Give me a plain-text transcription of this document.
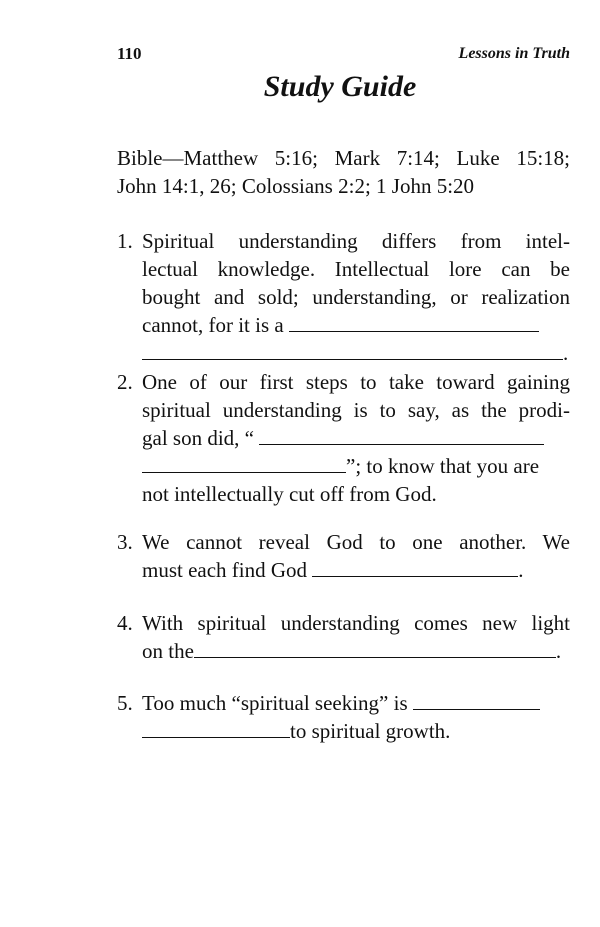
110	Lessons in Truth
Study Guide
Bible—Matthew 5:16; Mark 7:14; Luke 15:18;
John 14:1, 26; Colossians 2:2; 1 John 5:20
1. Spiritual understanding differs from intel-
lectual knowledge. Intellectual lore can be
bought and sold; understanding, or realization
cannot, for it is a
.
2. One of our first steps to take toward gaining
spiritual understanding is to say, as the prodi-
gal son did, “
”; to know that you are
not intellectually cut off from God.
3. We cannot reveal God to one another. We
must each find God	.
4. With spiritual understanding comes new light
on the	.
5. Too much “spiritual seeking” is
to spiritual growth.
